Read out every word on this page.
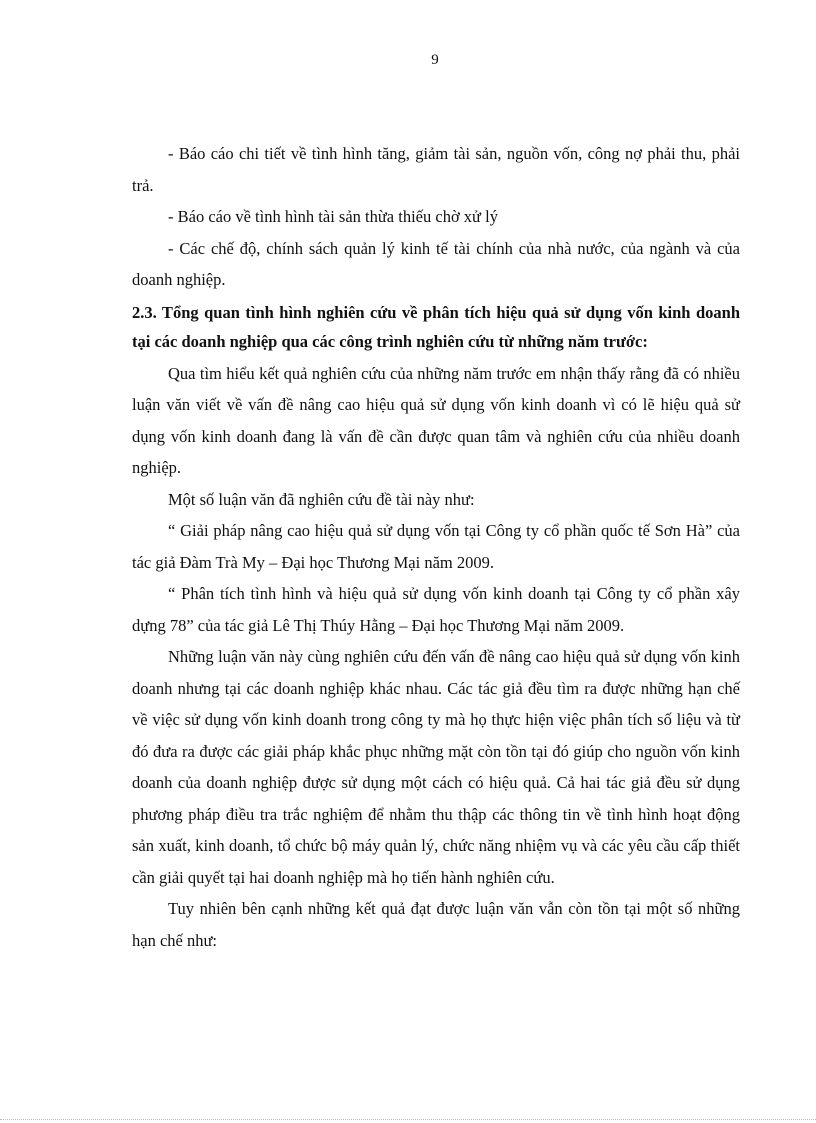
9

- Báo cáo chi tiết về tình hình tăng, giảm tài sản, nguồn vốn, công nợ phải thu, phải trả.

- Báo cáo về tình hình tài sản thừa thiếu chờ xử lý

- Các chế độ, chính sách quản lý kinh tế tài chính của nhà nước, của ngành và của doanh nghiệp.

2.3. Tổng quan tình hình nghiên cứu về phân tích hiệu quả sử dụng vốn kinh doanh tại các doanh nghiệp qua các công trình nghiên cứu từ những năm trước:

Qua tìm hiểu kết quả nghiên cứu của những năm trước em nhận thấy rằng đã có nhiều luận văn viết về vấn đề nâng cao hiệu quả sử dụng vốn kinh doanh vì có lẽ hiệu quả sử dụng vốn kinh doanh đang là vấn đề cần được quan tâm và nghiên cứu của nhiều doanh nghiệp.

Một số luận văn đã nghiên cứu đề tài này như:

“ Giải pháp nâng cao hiệu quả sử dụng vốn tại Công ty cổ phần quốc tế Sơn Hà” của tác giả Đàm Trà My – Đại học Thương Mại năm 2009.

“ Phân tích tình hình và hiệu quả sử dụng vốn kinh doanh tại Công ty cổ phần xây dựng 78” của tác giả Lê Thị Thúy Hằng – Đại học Thương Mại năm 2009.

Những luận văn này cùng nghiên cứu đến vấn đề nâng cao hiệu quả sử dụng vốn kinh doanh nhưng tại các doanh nghiệp khác nhau. Các tác giả đều tìm ra được những hạn chế về việc sử dụng vốn kinh doanh trong công ty mà họ thực hiện việc phân tích số liệu và từ đó đưa ra được các giải pháp khắc phục những mặt còn tồn tại đó giúp cho nguồn vốn kinh doanh của doanh nghiệp được sử dụng một cách có hiệu quả. Cả hai tác giả đều sử dụng phương pháp điều tra trắc nghiệm để nhằm thu thập các thông tin về tình hình hoạt động sản xuất, kinh doanh, tổ chức bộ máy quản lý, chức năng nhiệm vụ và các yêu cầu cấp thiết cần giải quyết tại hai doanh nghiệp mà họ tiến hành nghiên cứu.

Tuy nhiên bên cạnh những kết quả đạt được luận văn vẫn còn tồn tại một số những hạn chế như:
